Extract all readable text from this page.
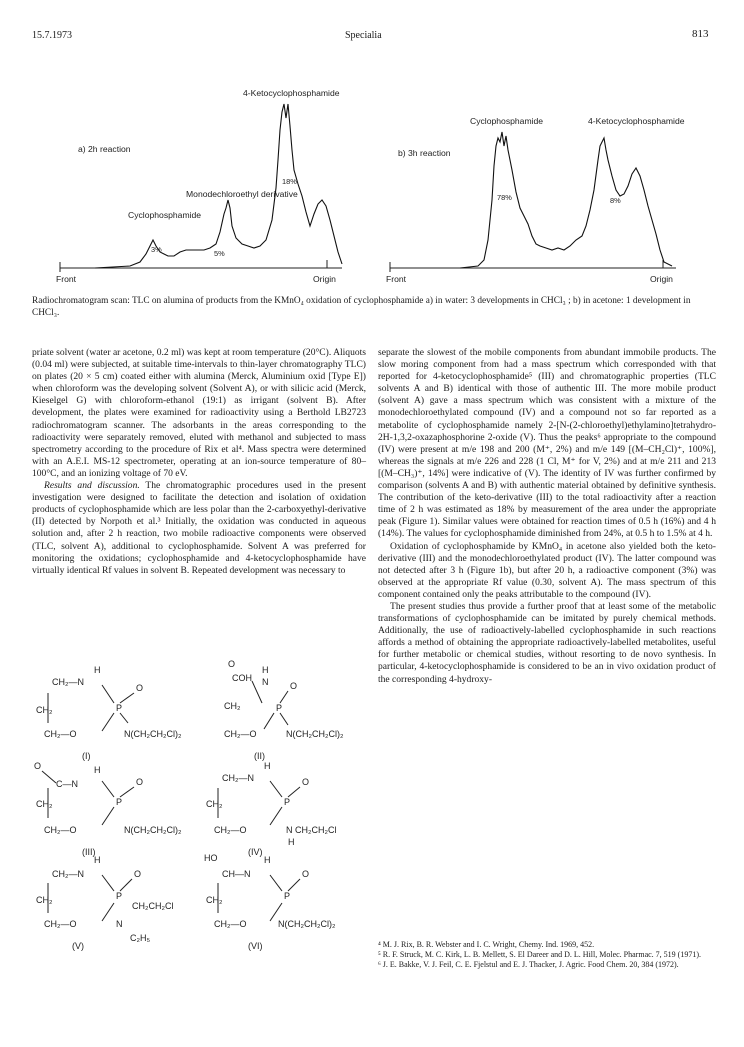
15.7.1973	Specialia	813
a) 2h reaction
Cyclophosphamide
Monodechloroethyl derivative
4-Ketocyclophosphamide
3%	5%
18%
Front	Origin
b) 3h reaction
Cyclophosphamide	4-Ketocyclophosphamide
78%	8%
Front	Origin
Radiochromatogram scan: TLC on alumina of products from the KMnO₄ oxidation of cyclophosphamide a) in water: 3 developments in CHCl₃ ; b) in acetone: 1 development in CHCl₃.

priate solvent (water ar acetone, 0.2 ml) was kept at room temperature (20°C). Aliquots (0.04 ml) were subjected, at suitable time-intervals to thin-layer chromatography TLC) on plates (20 × 5 cm) coated either with alumina (Merck, Aluminium oxid [Type E]) when chloroform was the developing solvent (Solvent A), or with silicic acid (Merck, Kieselgel G) with chloroform-ethanol (19:1) as irrigant (solvent B). After development, the plates were examined for radioactivity using a Berthold LB2723 radiochromatogram scanner. The adsorbants in the areas corresponding to the radioactivity were separately removed, eluted with methanol and subjected to mass spectrometry according to the procedure of Rix et al⁴. Mass spectra were determined with an A.E.I. MS-12 spectrometer, operating at an ion-source temperature of 80–100°C, and an ionizing voltage of 70 eV.

Results and discussion. The chromatographic procedures used in the present investigation were designed to facilitate the detection and isolation of oxidation products of cyclophosphamide which are less polar than the 2-carboxyethyl-derivative (II) detected by Norpoth et al.³ Initially, the oxidation was conducted in aqueous solution and, after 2 h reaction, two mobile radioactive components were observed (TLC, solvent A), additional to cyclophosphamide. Solvent A was preferred for monitoring the oxidations; cyclophosphamide and 4-ketocyclophosphamide have virtually identical Rf values in solvent B. Repeated development was necessary to

CH₂—N
H
P
O
CH₂
CH₂—O	N(CH₂CH₂Cl)₂
(I)
O
COH
H
N O
P
CH₂
CH₂—O	N(CH₂CH₂Cl)₂
(II)
O
C—N
H
P
O
CH₂
CH₂—O	N(CH₂CH₂Cl)₂
(III)
CH₂—N
H
P
O
CH₂
CH₂—O	N CH₂CH₂Cl
H
(IV)
CH₂—N
H
P
O
CH₂
CH₂—O	N
CH₂CH₂Cl
C₂H₅
(V)
HO
CH—N
H
P
O
CH₂
CH₂—O	N(CH₂CH₂Cl)₂
(VI)

separate the slowest of the mobile components from abundant immobile products. The slow moring component from had a mass spectrum which corresponded with that reported for 4-ketocyclophosphamide⁵ (III) and chromatographic properties (TLC solvents A and B) identical with those of authentic III. The more mobile product (solvent A) gave a mass spectrum which was consistent with a mixture of the monodechloroethylated compound (IV) and a compound not so far reported as a metabolite of cyclophosphamide namely 2-[N-(2-chloroethyl)ethylamino]tetrahydro-2H-1,3,2-oxazaphosphorine 2-oxide (V). Thus the peaks⁶ appropriate to the compound (IV) were present at m/e 198 and 200 (M⁺, 2%) and m/e 149 [(M–CH₂Cl)⁺, 100%], whereas the signals at m/e 226 and 228 (1 Cl, M⁺ for V, 2%) and at m/e 211 and 213 [(M–CH₃)⁺, 14%] were indicative of (V). The identity of IV was further confirmed by comparison (solvents A and B) with authentic material obtained by definitive synthesis. The contribution of the keto-derivative (III) to the total radioactivity after a reaction time of 2 h was estimated as 18% by measurement of the area under the appropriate peak (Figure 1). Similar values were obtained for reaction times of 0.5 h (16%) and 4 h (14%). The values for cyclophosphamide diminished from 24%, at 0.5 h to 1.5% at 4 h.

Oxidation of cyclophosphamide by KMnO₄ in acetone also yielded both the keto-derivative (III) and the monodechloroethylated product (IV). The latter compound was not detected after 3 h (Figure 1b), but after 20 h, a radioactive component (3%) was observed at the appropriate Rf value (0.30, solvent A). The mass spectrum of this component contained only the peaks attributable to the compound (IV).

The present studies thus provide a further proof that at least some of the metabolic transformations of cyclophosphamide can be imitated by purely chemical methods. Additionally, the use of radioactively-labelled cyclophosphamide in such reactions affords a method of obtaining the appropriate radioactively-labelled metabolites, useful for further metabolic or chemical studies, without resorting to de novo synthesis. In particular, 4-ketocyclophosphamide is considered to be an in vivo oxidation product of the corresponding 4-hydroxy-

⁴ M. J. Rix, B. R. Webster and I. C. Wright, Chemy. Ind. 1969, 452.
⁵ R. F. Struck, M. C. Kirk, L. B. Mellett, S. El Dareer and D. L. Hill, Molec. Pharmac. 7, 519 (1971).
⁶ J. E. Bakke, V. J. Feil, C. E. Fjelstul and E. J. Thacker, J. Agric. Food Chem. 20, 384 (1972).
